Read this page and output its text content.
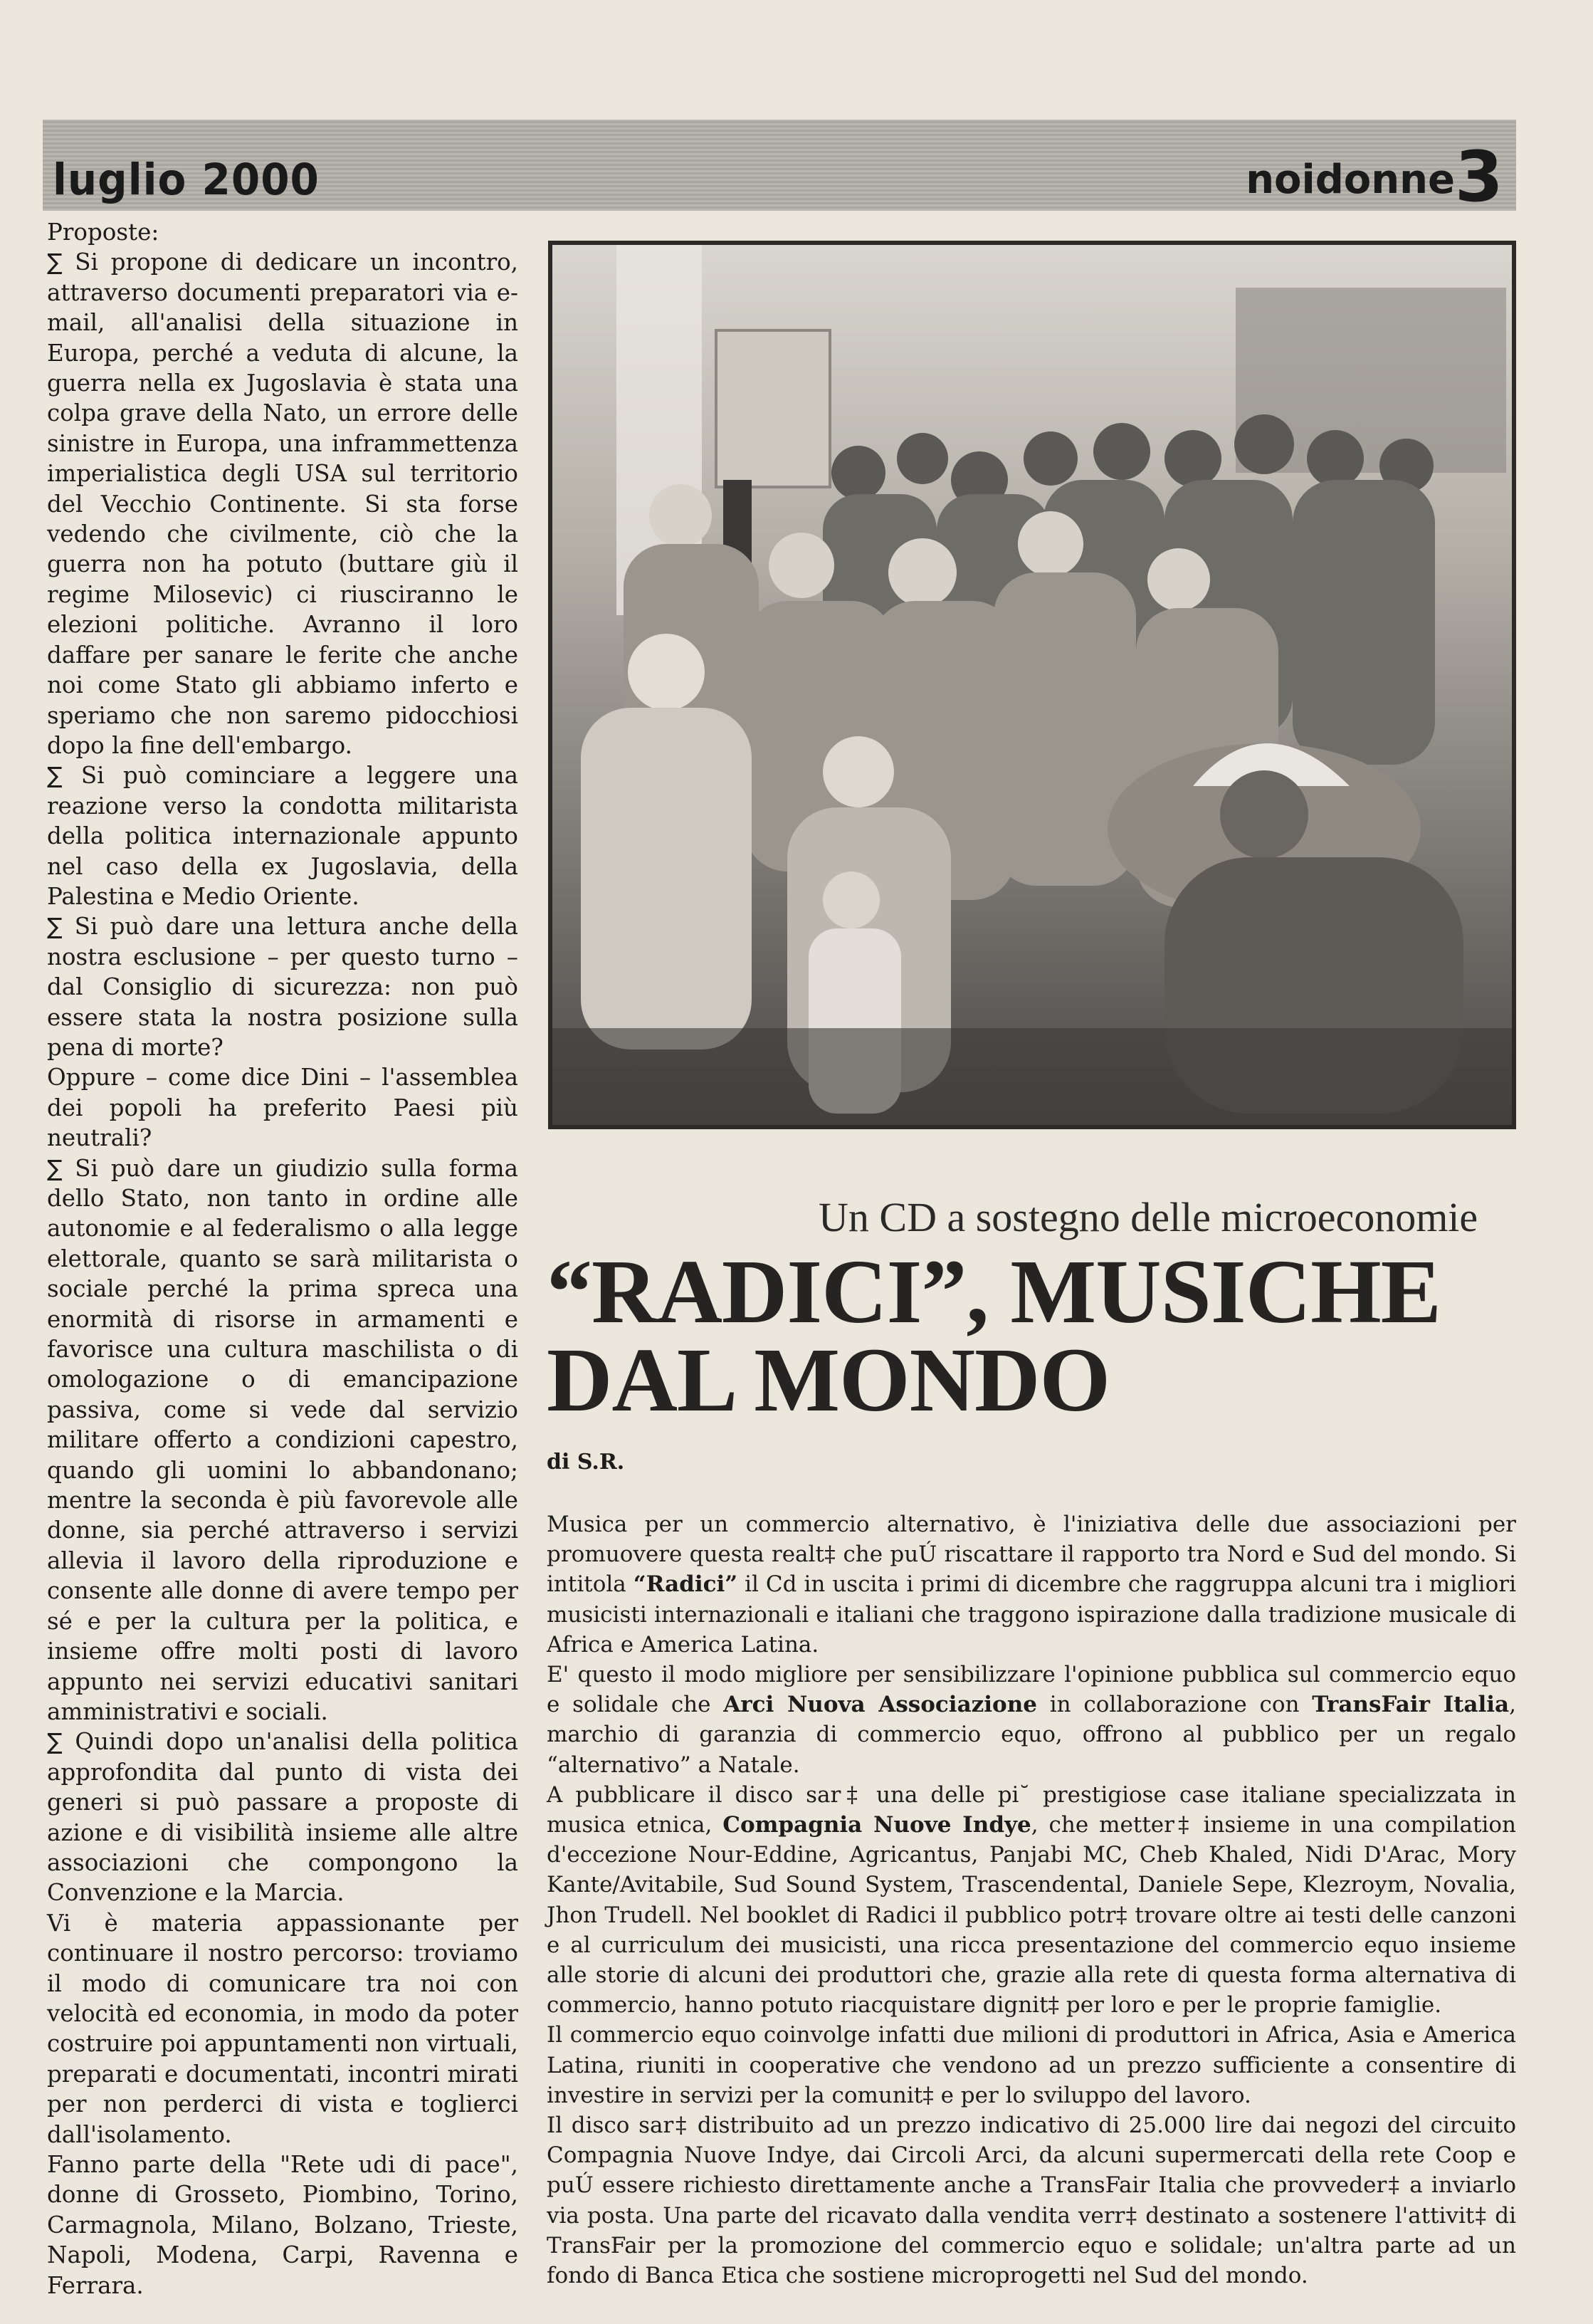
luglio 2000	noidonne 3

Proposte:

∑ Si propone di dedicare un incontro, attraverso documenti preparatori via e-mail, all'analisi della situazione in Europa, perché a veduta di alcune, la guerra nella ex Jugoslavia è stata una colpa grave della Nato, un errore delle sinistre in Europa, una inframmettenza imperialistica degli USA sul territorio del Vecchio Continente. Si sta forse vedendo che civilmente, ciò che la guerra non ha potuto (buttare giù il regime Milosevic) ci riusciranno le elezioni politiche. Avranno il loro daffare per sanare le ferite che anche noi come Stato gli abbiamo inferto e speriamo che non saremo pidocchiosi dopo la fine dell'embargo.

∑ Si può cominciare a leggere una reazione verso la condotta militarista della politica internazionale appunto nel caso della ex Jugoslavia, della Palestina e Medio Oriente.

∑ Si può dare una lettura anche della nostra esclusione – per questo turno – dal Consiglio di sicurezza: non può essere stata la nostra posizione sulla pena di morte?

Oppure – come dice Dini – l'assemblea dei popoli ha preferito Paesi più neutrali?

∑ Si può dare un giudizio sulla forma dello Stato, non tanto in ordine alle autonomie e al federalismo o alla legge elettorale, quanto se sarà militarista o sociale perché la prima spreca una enormità di risorse in armamenti e favorisce una cultura maschilista o di omologazione o di emancipazione passiva, come si vede dal servizio militare offerto a condizioni capestro, quando gli uomini lo abbandonano; mentre la seconda è più favorevole alle donne, sia perché attraverso i servizi allevia il lavoro della riproduzione e consente alle donne di avere tempo per sé e per la cultura per la politica, e insieme offre molti posti di lavoro appunto nei servizi educativi sanitari amministrativi e sociali.

∑ Quindi dopo un'analisi della politica approfondita dal punto di vista dei generi si può passare a proposte di azione e di visibilità insieme alle altre associazioni che compongono la Convenzione e la Marcia.

Vi è materia appassionante per continuare il nostro percorso: troviamo il modo di comunicare tra noi con velocità ed economia, in modo da poter costruire poi appuntamenti non virtuali, preparati e documentati, incontri mirati per non perderci di vista e toglierci dall'isolamento.

Fanno parte della "Rete udi di pace", donne di Grosseto, Piombino, Torino, Carmagnola, Milano, Bolzano, Trieste, Napoli, Modena, Carpi, Ravenna e Ferrara.

Un CD a sostegno delle microeconomie
“RADICI”, MUSICHE
DAL MONDO
di S.R.

Musica per un commercio alternativo, è l'iniziativa delle due associazioni per promuovere questa realt‡ che puÚ riscattare il rapporto tra Nord e Sud del mondo. Si intitola “Radici” il Cd in uscita i primi di dicembre che raggruppa alcuni tra i migliori musicisti internazionali e italiani che traggono ispirazione dalla tradizione musicale di Africa e America Latina.

E' questo il modo migliore per sensibilizzare l'opinione pubblica sul commercio equo e solidale che Arci Nuova Associazione in collaborazione con TransFair Italia, marchio di garanzia di commercio equo, offrono al pubblico per un regalo “alternativo” a Natale.

A pubblicare il disco sar‡ una delle pi˘ prestigiose case italiane specializzata in musica etnica, Compagnia Nuove Indye, che metter‡ insieme in una compilation d'eccezione Nour-Eddine, Agricantus, Panjabi MC, Cheb Khaled, Nidi D'Arac, Mory Kante/Avitabile, Sud Sound System, Trascendental, Daniele Sepe, Klezroym, Novalia, Jhon Trudell. Nel booklet di Radici il pubblico potr‡ trovare oltre ai testi delle canzoni e al curriculum dei musicisti, una ricca presentazione del commercio equo insieme alle storie di alcuni dei produttori che, grazie alla rete di questa forma alternativa di commercio, hanno potuto riacquistare dignit‡ per loro e per le proprie famiglie.

Il commercio equo coinvolge infatti due milioni di produttori in Africa, Asia e America Latina, riuniti in cooperative che vendono ad un prezzo sufficiente a consentire di investire in servizi per la comunit‡ e per lo sviluppo del lavoro.

Il disco sar‡ distribuito ad un prezzo indicativo di 25.000 lire dai negozi del circuito Compagnia Nuove Indye, dai Circoli Arci, da alcuni supermercati della rete Coop e puÚ essere richiesto direttamente anche a TransFair Italia che provveder‡ a inviarlo via posta. Una parte del ricavato dalla vendita verr‡ destinato a sostenere l'attivit‡ di TransFair per la promozione del commercio equo e solidale; un'altra parte ad un fondo di Banca Etica che sostiene microprogetti nel Sud del mondo.
